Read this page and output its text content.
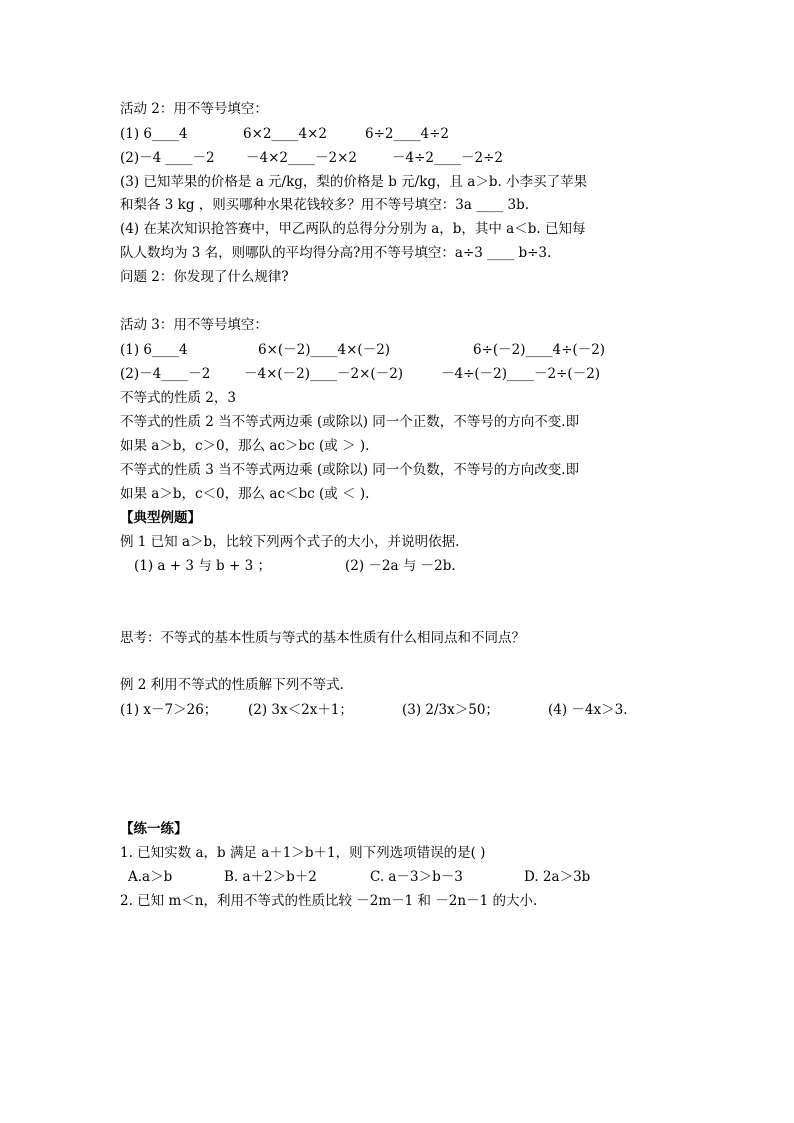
活动 2：用不等号填空：
(1) 6____4	6×2____4×2	6÷2____4÷2
(2)－4 ____－2 －4×2____－2×2	－4÷2____－2÷2
(3) 已知苹果的价格是 a 元/kg，梨的价格是 b 元/kg，且 a＞b. 小李买了苹果
和梨各 3 kg ，则买哪种水果花钱较多？用不等号填空：3a ____ 3b.
(4) 在某次知识抢答赛中，甲乙两队的总得分分别为 a，b，其中 a＜b. 已知每
队人数均为 3 名，则哪队的平均得分高?用不等号填空：a÷3 ____ b÷3.
问题 2：你发现了什么规律?
活动 3：用不等号填空：
(1) 6____4	6×(－2)____4×(－2)	6÷(－2)____4÷(－2)
(2)－4____－2 －4×(－2)____－2×(－2)	－4÷(－2)____－2÷(－2)
不等式的性质 2，3
不等式的性质 2 当不等式两边乘 (或除以) 同一个正数，不等号的方向不变.即
如果 a＞b，c＞0，那么 ac＞bc (或 ＞ ).
不等式的性质 3 当不等式两边乘 (或除以) 同一个负数，不等号的方向改变.即
如果 a＞b，c＜0，那么 ac＜bc (或 ＜ ).
【典型例题】
例 1 已知 a＞b，比较下列两个式子的大小，并说明依据.
(1) a + 3 与 b + 3 ；	(2) －2a 与 －2b.
思考：不等式的基本性质与等式的基本性质有什么相同点和不同点？
例 2 利用不等式的性质解下列不等式.
(1) x－7＞26； (2) 3x＜2x＋1；	(3) 2/3x＞50；	(4) －4x＞3.
【练一练】
1. 已知实数 a，b 满足 a＋1＞b＋1，则下列选项错误的是( )
A.a＞b	B. a＋2＞b＋2	C. a－3＞b－3	D. 2a＞3b
2. 已知 m＜n，利用不等式的性质比较 －2m－1 和 －2n－1 的大小.
